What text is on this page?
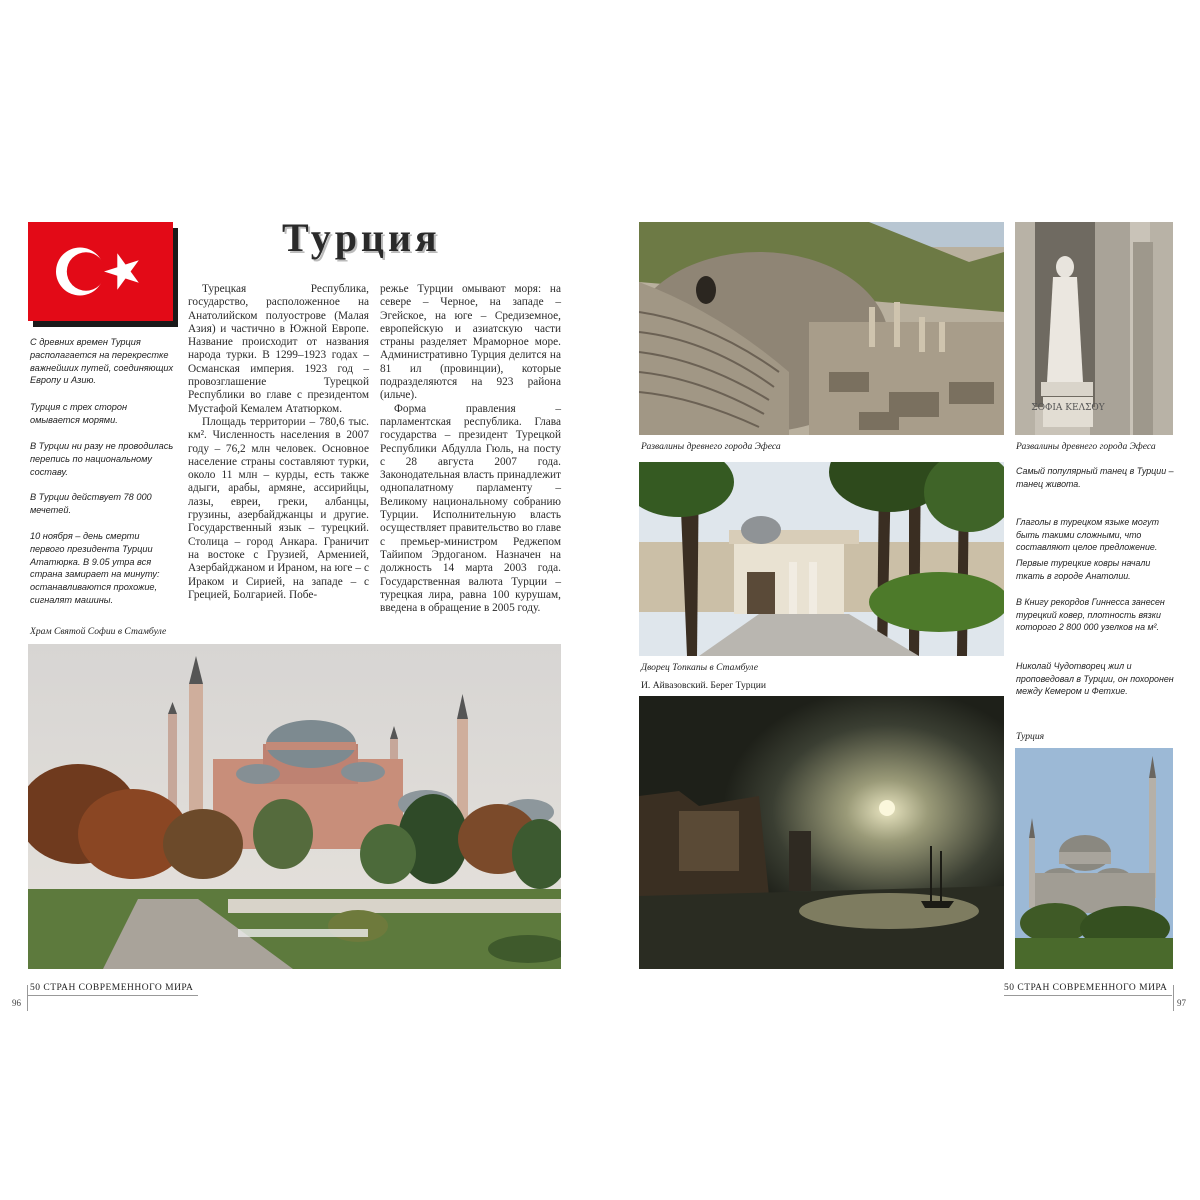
Турция
С древних времен Турция располагается на перекрестке важнейших путей, соединяющих Европу и Азию.
Турция с трех сторон омывается морями.
В Турции ни разу не проводилась перепись по национальному составу.
В Турции действует 78 000 мечетей.
10 ноября – день смерти первого президента Турции Ататюрка. В 9.05 утра вся страна замирает на минуту: останавливаются прохожие, сигналят машины.

Турецкая Республика, государство, расположенное на Анатолийском полуострове (Малая Азия) и частично в Южной Европе. Название происходит от названия народа турки. В 1299–1923 годах – Османская империя. 1923 год – провозглашение Турецкой Республики во главе с президентом Мустафой Кемалем Ататюрком.

Площадь территории – 780,6 тыс. км². Численность населения в 2007 году – 76,2 млн человек. Основное население страны составляют турки, около 11 млн – курды, есть также адыги, арабы, армяне, ассирийцы, лазы, евреи, греки, албанцы, грузины, азербайджанцы и другие. Государственный язык – турецкий. Столица – город Анкара. Граничит на востоке с Грузией, Арменией, Азербайджаном и Ираном, на юге – с Ираком и Сирией, на западе – с Грецией, Болгарией. Побе-

режье Турции омывают моря: на севере – Черное, на западе – Эгейское, на юге – Средиземное, европейскую и азиатскую части страны разделяет Мраморное море. Административно Турция делится на 81 ил (провинции), которые подразделяются на 923 района (ильче).

Форма правления – парламентская республика. Глава государства – президент Турецкой Республики Абдулла Гюль, на посту с 28 августа 2007 года. Законодательная власть принадлежит однопалатному парламенту – Великому национальному собранию Турции. Исполнительную власть осуществляет правительство во главе с премьер-министром Реджепом Тайипом Эрдоганом. Назначен на должность 14 марта 2003 года. Государственная валюта Турции – турецкая лира, равна 100 курушам, введена в обращение в 2005 году.

Храм Святой Софии в Стамбуле
50 СТРАН СОВРЕМЕННОГО МИРА
96
Развалины древнего города Эфеса
ΣΟΦΙΑ ΚΕΛΣΟΥ
Развалины древнего города Эфеса
Дворец Топкапы в Стамбуле
И. Айвазовский. Берег Турции
Самый популярный танец в Турции – танец живота.
Глаголы в турецком языке могут быть такими сложными, что составляют целое предложение.
Первые турецкие ковры начали ткать в городе Анатолии.
В Книгу рекордов Гиннесса занесен турецкий ковер, плотность вязки которого 2 800 000 узелков на м².
Николай Чудотворец жил и проповедовал в Турции, он похоронен между Кемером и Фетхие.
Турция
50 СТРАН СОВРЕМЕННОГО МИРА
97
